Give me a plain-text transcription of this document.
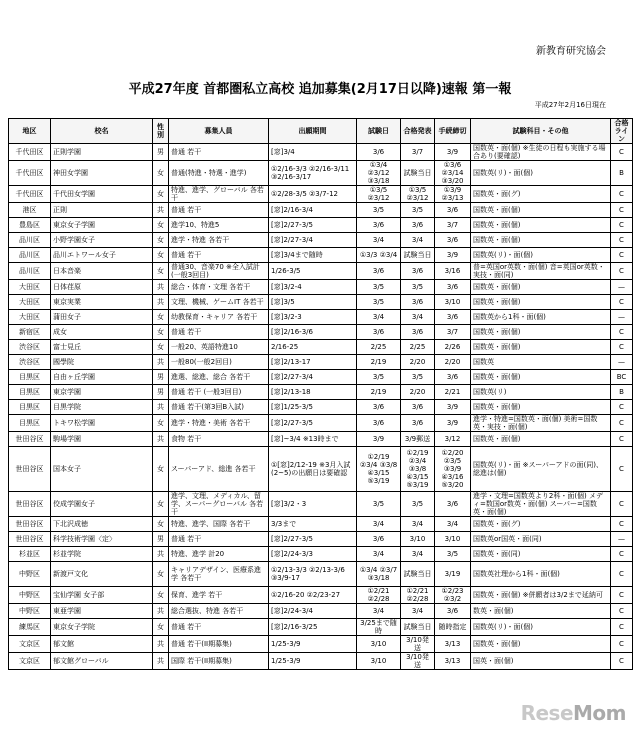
新教育研究協会
平成27年度 首都圏私立高校 追加募集(2月17日以降)速報 第一報
平成27年2月16日現在
地区	校名	性別	募集人員	出願期間	試験日	合格発表	手続締切	試験科目・その他	合格ライン
千代田区	正則学園	男	普通 若干	[窓]3/4	3/6	3/7	3/9	国数英・面(個) ※生徒の日程も実施する場合あり(要確認)	C
千代田区	神田女学園	女	普通(特進・特選・進学)	①2/16-3/3 ②2/16-3/11 ③2/16-3/17	①3/4 ②3/12 ③3/18	試験当日	①3/6 ②3/14 ③3/20	国数英(リ)・面(個)	B
千代田区	千代田女学園	女	特進、進学、グローバル 各若干	①2/28-3/5 ②3/7-12	①3/5 ②3/12	①3/5 ②3/12	①3/9 ②3/13	国数英・面(グ)	C
港区	正則	共	普通 若干	[窓]2/16-3/4	3/5	3/5	3/6	国数英・面(個)	C
豊島区	東京女子学園	女	進学10、特進5	[窓]2/27-3/5	3/6	3/6	3/7	国数英・面(個)	C
品川区	小野学園女子	女	進学・特進 各若干	[窓]2/27-3/4	3/4	3/4	3/6	国数英・面(個)	C
品川区	品川エトワール女子	女	普通 若干	[窓]3/4まで随時	①3/3 ②3/4	試験当日	3/9	国数英(リ)・面(個)	C
品川区	日本音楽	女	普通30、音楽70 ※全入試計(一般3回目)	1/26-3/5	3/6	3/6	3/16	普=英国or英数・面(個) 音=英国or英数・実技・面(同)	C
大田区	日体荏原	共	総合・体育・文理 各若干	[窓]3/2-4	3/5	3/5	3/6	国数英・面(個)	—
大田区	東京実業	共	文理、機械、ゲームIT 各若干	[窓]3/5	3/5	3/6	3/10	国数英・面(個)	C
大田区	蒲田女子	女	幼教保育・キャリア 各若干	[窓]3/2-3	3/4	3/4	3/6	国数英から1科・面(個)	—
新宿区	成女	女	普通 若干	[窓]2/16-3/6	3/6	3/6	3/7	国数英・面(個)	C
渋谷区	富士見丘	女	一般20、英語特進10	2/16-25	2/25	2/25	2/26	国数英・面(個)	C
渋谷区	國學院	共	一般80(一般2回目)	[窓]2/13-17	2/19	2/20	2/20	国数英	—
目黒区	自由ヶ丘学園	男	進選、総進、総合 各若干	[窓]2/27-3/4	3/5	3/5	3/6	国数英・面(個)	BC
目黒区	東京学園	男	普通 若干 (一般3回目)	[窓]2/13-18	2/19	2/20	2/21	国数英(リ)	B
目黒区	目黒学院	共	普通 若干(第3回B入試)	[窓]1/25-3/5	3/6	3/6	3/9	国数英・面(個)	C
目黒区	トキワ松学園	女	進学・特進・美術 各若干	[窓]2/27-3/5	3/6	3/6	3/9	進学・特進=国数英・面(個) 美術=国数英・実技・面(個)	C
世田谷区	駒場学園	共	食物 若干	[窓]~3/4 ※13時まで	3/9	3/9郵送	3/12	国数英・面(個)	C
世田谷区	国本女子	女	スーパーアド、総進 各若干	①[窓]2/12-19 ※3月入試(2~5)の出願日は要確認	①2/19 ②3/4 ③3/8 ④3/15 ⑤3/19	①2/19 ②3/4 ③3/8 ④3/15 ⑤3/19	①2/20 ②3/5 ③3/9 ④3/16 ⑤3/20	国数英(リ)・面 ※スーパーアドの面(同)、総進は(個)	C
世田谷区	佼成学園女子	女	進学、文理、メディカル、留学、スーパーグローバル 各若干	[窓]3/2・3	3/5	3/5	3/6	進学・文理=国数英より2科・面(個) メディ=数国or数英・面(個) スーパー=国数英・面(個)	C
世田谷区	下北沢成徳	女	特進、進学、国際 各若干	3/3まで	3/4	3/4	3/4	国数英・面(グ)	C
世田谷区	科学技術学園〈定〉	男	普通 若干	[窓]2/27-3/5	3/6	3/10	3/10	国数英or国英・面(同)	—
杉並区	杉並学院	共	特進、進学 計20	[窓]2/24-3/3	3/4	3/4	3/5	国数英・面(同)	C
中野区	新渡戸文化	女	キャリアデザイン、医療系進学 各若干	①2/13-3/3 ②2/13-3/6 ③3/9-17	①3/4 ②3/7 ③3/18	試験当日	3/19	国数英社理から1科・面(個)	C
中野区	宝仙学園 女子部	女	保育、進学 若干	①2/16-20 ②2/23-27	①2/21 ②2/28	①2/21 ②2/28	①2/23 ②3/2	国数英・面(個) ※併願者は3/2まで延納可	C
中野区	東亜学園	共	総合選抜、特進 各若干	[窓]2/24-3/4	3/4	3/4	3/6	数英・面(個)	C
練馬区	東京女子学院	女	普通 若干	[窓]2/16-3/25	3/25まで随時	試験当日	随時指定	国数英(リ)・面(個)	C
文京区	郁文館	共	普通 若干(II期募集)	1/25-3/9	3/10	3/10発送	3/13	国数英・面(個)	C
文京区	郁文館グローバル	共	国際 若干(II期募集)	1/25-3/9	3/10	3/10発送	3/13	国英・面(個)	C
ReseMom
